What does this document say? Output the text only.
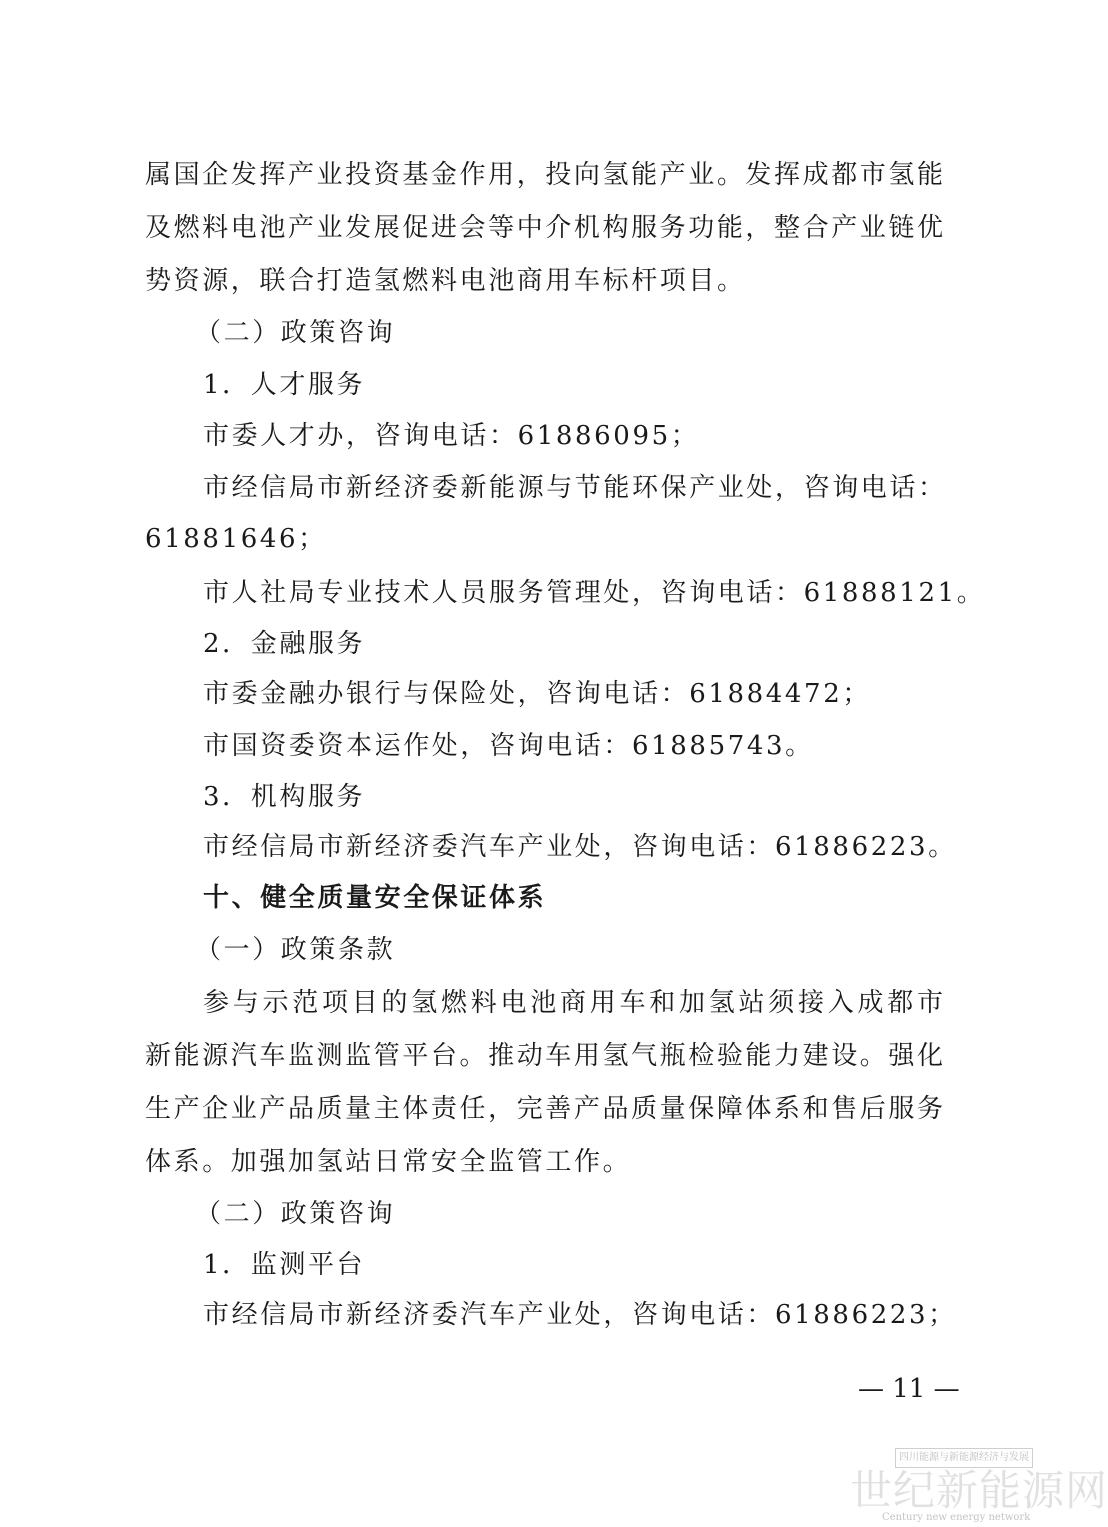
属国企发挥产业投资基金作用，投向氢能产业。发挥成都市氢能
及燃料电池产业发展促进会等中介机构服务功能，整合产业链优
势资源，联合打造氢燃料电池商用车标杆项目。
（二）政策咨询
1．人才服务
市委人才办，咨询电话：61886095；
市经信局市新经济委新能源与节能环保产业处，咨询电话：
61881646；
市人社局专业技术人员服务管理处，咨询电话：61888121。
2．金融服务
市委金融办银行与保险处，咨询电话：61884472；
市国资委资本运作处，咨询电话：61885743。
3．机构服务
市经信局市新经济委汽车产业处，咨询电话：61886223。
十、健全质量安全保证体系
（一）政策条款
参与示范项目的氢燃料电池商用车和加氢站须接入成都市
新能源汽车监测监管平台。推动车用氢气瓶检验能力建设。强化
生产企业产品质量主体责任，完善产品质量保障体系和售后服务
体系。加强加氢站日常安全监管工作。
（二）政策咨询
1．监测平台
市经信局市新经济委汽车产业处，咨询电话：61886223；
— 11 —
四川能源与新能源经济与发展
世纪新能源网
Century new energy network
